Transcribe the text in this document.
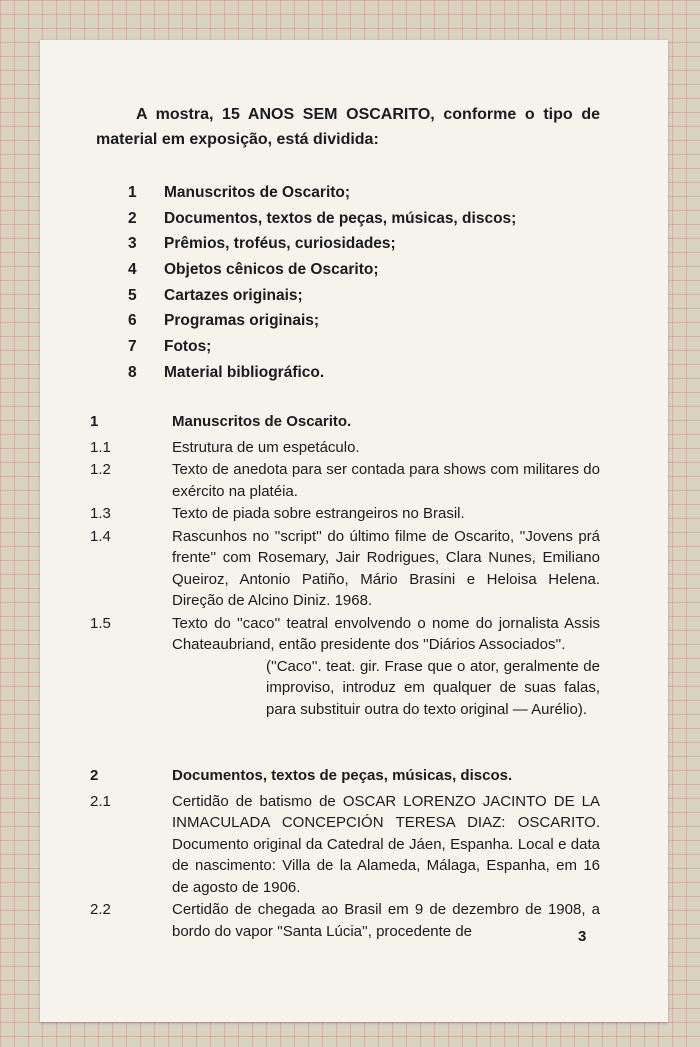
A mostra, 15 ANOS SEM OSCARITO, conforme o tipo de material em exposição, está dividida:

1	Manuscritos de Oscarito;
2	Documentos, textos de peças, músicas, discos;
3	Prêmios, troféus, curiosidades;
4	Objetos cênicos de Oscarito;
5	Cartazes originais;
6	Programas originais;
7	Fotos;
8	Material bibliográfico.
1	Manuscritos de Oscarito.
1.1	Estrutura de um espetáculo.
1.2	Texto de anedota para ser contada para shows com militares do exército na platéia.
1.3	Texto de piada sobre estrangeiros no Brasil.
1.4	Rascunhos no ''script'' do último filme de Oscarito, ''Jovens prá frente'' com Rosemary, Jair Rodrigues, Clara Nunes, Emiliano Queiroz, Antonio Patiño, Mário Brasini e Heloisa Helena. Direção de Alcino Diniz. 1968.
1.5	Texto do ''caco'' teatral envolvendo o nome do jornalista Assis Chateaubriand, então presidente dos ''Diários Associados''.
(''Caco''. teat. gir. Frase que o ator, geralmente de improviso, introduz em qualquer de suas falas, para substituir outra do texto original — Aurélio).
2	Documentos, textos de peças, músicas, discos.
2.1	Certidão de batismo de OSCAR LORENZO JACINTO DE LA INMACULADA CONCEPCIÓN TERESA DIAZ: OSCARITO. Documento original da Catedral de Jáen, Espanha. Local e data de nascimento: Villa de la Alameda, Málaga, Espanha, em 16 de agosto de 1906.
2.2	Certidão de chegada ao Brasil em 9 de dezembro de 1908, a bordo do vapor ''Santa Lúcia'', procedente de	3
